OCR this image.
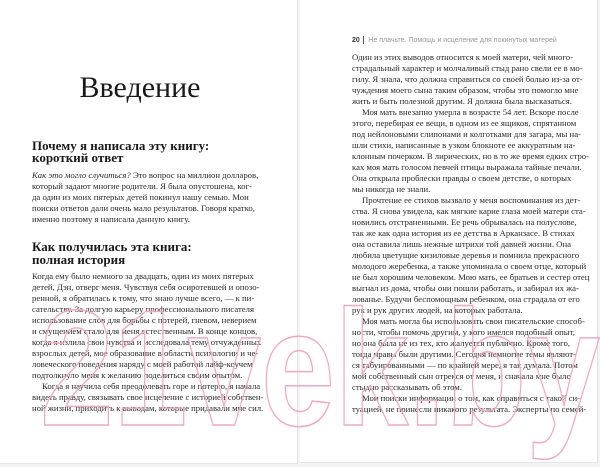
Введение
Почему я написала эту книгу:
короткий ответ
Как это могло случиться? Это вопрос на миллион долларов,
который задают многие родители. Я была опустошена, ког-
да один из моих пятерых детей покинул нашу семью. Мои
поиски ответов дали очень мало результатов. Говоря кратко,
именно поэтому я написала данную книгу.
Как получилась эта книга:
полная история
Когда ему было немного за двадцать, один из моих пятерых
детей, Дэн, отверг меня. Чувствуя себя осиротевшей и опозо-
ренной, я обратилась к тому, что знаю лучше всего, — к пи-
сательству. За долгую карьеру профессионального писателя
использование слов для борьбы с потерей, гневом, неверием
и смущением стало для меня естественным. В конце концов,
когда я излила свои чувства и исследовала тему отчужденных
взрослых детей, мое образование в области психологии и че-
ловеческого поведения наряду с моей работой лайф-коучем
подтолкнуло меня к желанию поделиться своим опытом.
Когда я научила себя преодолевать горе и потерю, я начала
видеть правду, связывать свое исцеление с историей собствен-
ной жизни, приходить к выводам, которые придавали мне сил.
20 Не плачьте. Помощь и исцеление для покинутых матерей
Один из этих выводов относится к моей матери, чей много-
страдальный характер и молчаливый стыд рано свели ее в мо-
гилу. Я знала, что должна справиться со своей болью из-за от-
чуждения моего сына таким образом, чтобы это помогло мне
жить и быть полезной другим. Я должна была высказаться.
Моя мать внезапно умерла в возрасте 54 лет. Вскоре после
этого, перебирая ее вещи, в одном из ее ящиков, спрятанном
под нейлоновыми слипонами и колготками для загара, мы на-
шли стихи, написанные в узком блокноте ее аккуратным на-
клонным почерком. В лирических, но в то же время едких стро-
ках моя мать голосом певчей птицы выражала тайные печали.
Она открыла проблески правды о своем детстве, о которых
мы никогда не знали.
Прочтение ее стихов вызвало у меня воспоминания из дет-
ства. Я снова увидела, как мягкие карие глаза моей матери ста-
новились отстраненными. Ее речь обрывалась на полуслове,
так же как одна история из ее детства в Арканзасе. В стихах
она оставила лишь нежные штрихи той давней жизни. Она
любила цветущие кизиловые деревья и помнила прекрасного
молодого жеребенка, а также упоминала о своем отце, который
не был хорошим человеком. Мою мать, ее братьев и сестер отец
выгнал из дома, чтобы они пошли работать, и забирал их жа-
лованье. Будучи беспомощным ребенком, она страдала от его
рук и рук других людей, на которых работала.
Моя мать могла бы использовать свои писательские способ-
ности, чтобы помочь другим, у кого имелся подобный опыт,
но она была не из тех, кто жалуется публично. Кроме того,
тогда нравы были другими. Сегодня немногие темы являют-
ся табуированными — по крайней мере, я так думала. Потом
мой собственный сын отрекся от меня, и сначала мне было
стыдно рассказывать об этом.
Мои поиски информации о том, как справиться с такой си-
туацией, не принесли никакого результата. Эксперты по семей-
21vek.by
